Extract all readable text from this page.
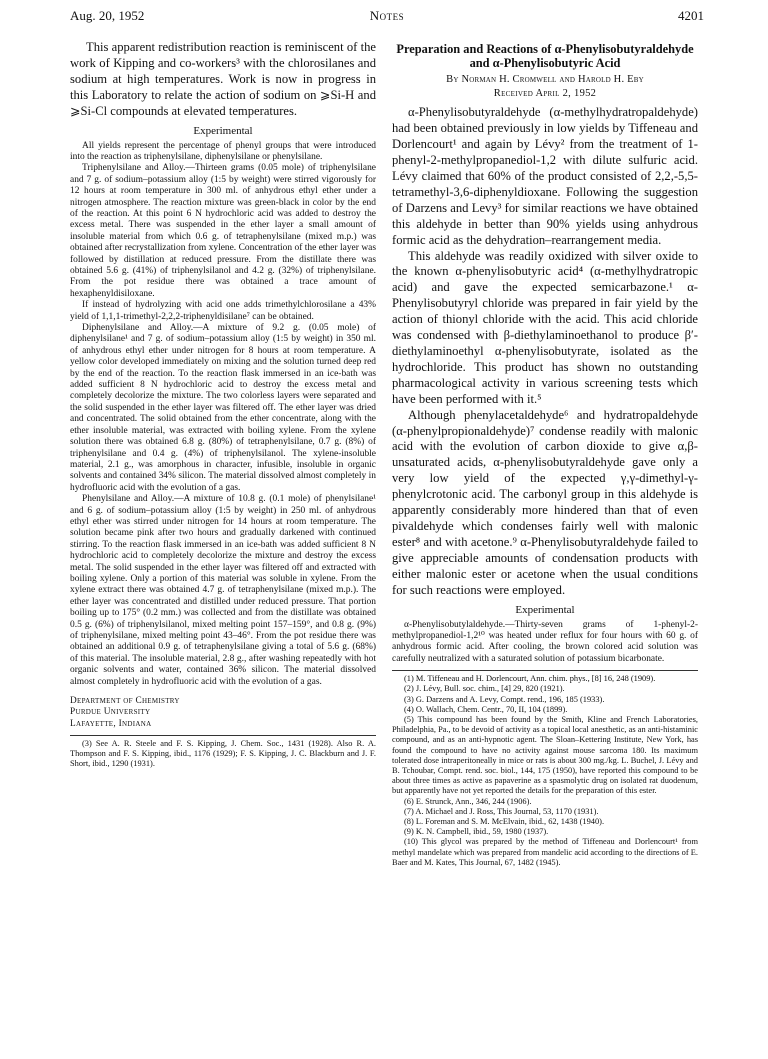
Aug. 20, 1952	Notes	4201

This apparent redistribution reaction is reminiscent of the work of Kipping and co-workers³ with the chlorosilanes and sodium at high temperatures. Work is now in progress in this Laboratory to relate the action of sodium on ⩾Si-H and ⩾Si-Cl compounds at elevated temperatures.

Experimental

All yields represent the percentage of phenyl groups that were introduced into the reaction as triphenylsilane, diphenylsilane or phenylsilane.

Triphenylsilane and Alloy.—Thirteen grams (0.05 mole) of triphenylsilane and 7 g. of sodium–potassium alloy (1:5 by weight) were stirred vigorously for 12 hours at room temperature in 300 ml. of anhydrous ethyl ether under a nitrogen atmosphere. The reaction mixture was green-black in color by the end of the reaction. At this point 6 N hydrochloric acid was added to destroy the excess metal. There was suspended in the ether layer a small amount of insoluble material from which 0.6 g. of tetraphenylsilane (mixed m.p.) was obtained after recrystallization from xylene. Concentration of the ether layer was followed by distillation at reduced pressure. From the distillate there was obtained 5.6 g. (41%) of triphenylsilanol and 4.2 g. (32%) of triphenylsilane. From the pot residue there was obtained a trace amount of hexaphenyldisiloxane.

If instead of hydrolyzing with acid one adds trimethylchlorosilane a 43% yield of 1,1,1-trimethyl-2,2,2-triphenyldisilane⁷ can be obtained.

Diphenylsilane and Alloy.—A mixture of 9.2 g. (0.05 mole) of diphenylsilane¹ and 7 g. of sodium–potassium alloy (1:5 by weight) in 350 ml. of anhydrous ethyl ether under nitrogen for 8 hours at room temperature. A yellow color developed immediately on mixing and the solution turned deep red by the end of the reaction. To the reaction flask immersed in an ice-bath was added sufficient 8 N hydrochloric acid to destroy the excess metal and completely decolorize the mixture. The two colorless layers were separated and the solid suspended in the ether layer was filtered off. The ether layer was dried and concentrated. The solid obtained from the ether concentrate, along with the ether insoluble material, was extracted with boiling xylene. From the xylene solution there was obtained 6.8 g. (80%) of tetraphenylsilane, 0.7 g. (8%) of triphenylsilane and 0.4 g. (4%) of triphenylsilanol. The xylene-insoluble material, 2.1 g., was amorphous in character, infusible, insoluble in organic solvents and contained 34% silicon. The material dissolved almost completely in hydrofluoric acid with the evolution of a gas.

Phenylsilane and Alloy.—A mixture of 10.8 g. (0.1 mole) of phenylsilane¹ and 6 g. of sodium–potassium alloy (1:5 by weight) in 250 ml. of anhydrous ethyl ether was stirred under nitrogen for 14 hours at room temperature. The solution became pink after two hours and gradually darkened with continued stirring. To the reaction flask immersed in an ice-bath was added sufficient 8 N hydrochloric acid to completely decolorize the mixture and destroy the excess metal. The solid suspended in the ether layer was filtered off and extracted with boiling xylene. Only a portion of this material was soluble in xylene. From the xylene extract there was obtained 4.7 g. of tetraphenylsilane (mixed m.p.). The ether layer was concentrated and distilled under reduced pressure. That portion boiling up to 175° (0.2 mm.) was collected and from the distillate was obtained 0.5 g. (6%) of triphenylsilanol, mixed melting point 157–159°, and 0.8 g. (9%) of triphenylsilane, mixed melting point 43–46°. From the pot residue there was obtained an additional 0.9 g. of tetraphenylsilane giving a total of 5.6 g. (68%) of this material. The insoluble material, 2.8 g., after washing repeatedly with hot organic solvents and water, contained 36% silicon. The material dissolved almost completely in hydrofluoric acid with the evolution of a gas.

Department of Chemistry
Purdue University
Lafayette, Indiana

(3) See A. R. Steele and F. S. Kipping, J. Chem. Soc., 1431 (1928). Also R. A. Thompson and F. S. Kipping, ibid., 1176 (1929); F. S. Kipping, J. C. Blackburn and J. F. Short, ibid., 1290 (1931).

Preparation and Reactions of α-Phenylisobutyraldehyde and α-Phenylisobutyric Acid
By Norman H. Cromwell and Harold H. Eby
Received April 2, 1952

α-Phenylisobutyraldehyde (α-methylhydratropaldehyde) had been obtained previously in low yields by Tiffeneau and Dorlencourt¹ and again by Lévy² from the treatment of 1-phenyl-2-methylpropanediol-1,2 with dilute sulfuric acid. Lévy claimed that 60% of the product consisted of 2,2,-5,5-tetramethyl-3,6-diphenyldioxane. Following the suggestion of Darzens and Levy³ for similar reactions we have obtained this aldehyde in better than 90% yields using anhydrous formic acid as the dehydration–rearrangement media.

This aldehyde was readily oxidized with silver oxide to the known α-phenylisobutyric acid⁴ (α-methylhydratropic acid) and gave the expected semicarbazone.¹ α-Phenylisobutyryl chloride was prepared in fair yield by the action of thionyl chloride with the acid. This acid chloride was condensed with β-diethylaminoethanol to produce β′-diethylaminoethyl α-phenylisobutyrate, isolated as the hydrochloride. This product has shown no outstanding pharmacological activity in various screening tests which have been performed with it.⁵

Although phenylacetaldehyde⁶ and hydratropaldehyde (α-phenylpropionaldehyde)⁷ condense readily with malonic acid with the evolution of carbon dioxide to give α,β-unsaturated acids, α-phenylisobutyraldehyde gave only a very low yield of the expected γ,γ-dimethyl-γ-phenylcrotonic acid. The carbonyl group in this aldehyde is apparently considerably more hindered than that of even pivaldehyde which condenses fairly well with malonic ester⁸ and with acetone.⁹ α-Phenylisobutyraldehyde failed to give appreciable amounts of condensation products with either malonic ester or acetone when the usual conditions for such reactions were employed.

Experimental

α-Phenylisobutylaldehyde.—Thirty-seven grams of 1-phenyl-2-methylpropanediol-1,2¹⁰ was heated under reflux for four hours with 60 g. of anhydrous formic acid. After cooling, the brown colored acid solution was carefully neutralized with a saturated solution of potassium bicarbonate.

(1) M. Tiffeneau and H. Dorlencourt, Ann. chim. phys., [8] 16, 248 (1909).

(2) J. Lévy, Bull. soc. chim., [4] 29, 820 (1921).

(3) G. Darzens and A. Levy, Compt. rend., 196, 185 (1933).

(4) O. Wallach, Chem. Centr., 70, II, 104 (1899).

(5) This compound has been found by the Smith, Kline and French Laboratories, Philadelphia, Pa., to be devoid of activity as a topical local anesthetic, as an anti-histaminic compound, and as an anti-hypnotic agent. The Sloan–Kettering Institute, New York, has found the compound to have no activity against mouse sarcoma 180. Its maximum tolerated dose intraperitoneally in mice or rats is about 300 mg./kg. L. Buchel, J. Lévy and B. Tchoubar, Compt. rend. soc. biol., 144, 175 (1950), have reported this compound to be about three times as active as papaverine as a spasmolytic drug on isolated rat duodenum, but apparently have not yet reported the details for the preparation of this ester.

(6) E. Strunck, Ann., 346, 244 (1906).

(7) A. Michael and J. Ross, This Journal, 53, 1170 (1931).

(8) L. Foreman and S. M. McElvain, ibid., 62, 1438 (1940).

(9) K. N. Campbell, ibid., 59, 1980 (1937).

(10) This glycol was prepared by the method of Tiffeneau and Dorlencourt¹ from methyl mandelate which was prepared from mandelic acid according to the directions of E. Baer and M. Kates, This Journal, 67, 1482 (1945).
